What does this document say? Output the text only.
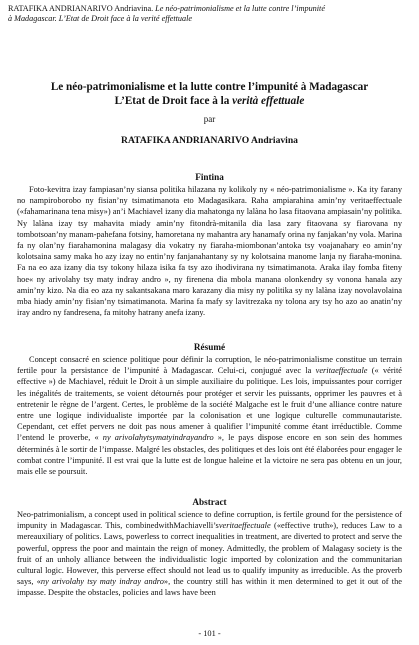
RATAFIKA ANDRIANARIVO Andriavina. Le néo-patrimonialisme et la lutte contre l’impunité
à Madagascar. L’Etat de Droit face à la verité effettuale
Le néo-patrimonialisme et la lutte contre l’impunité à Madagascar
L’Etat de Droit face à la verità effettuale
par
RATAFIKA ANDRIANARIVO Andriavina
Fintina
Foto-kevitra izay fampiasan’ny siansa politika hilazana ny kolikoly ny « néo-patrimonialisme ». Ka ity farany no nampiroborobo ny fisian’ny tsimatimanota eto Madagasikara. Raha ampiarahina amin’ny veritaeffectuale («fahamarinana tena misy») an’i Machiavel izany dia mahatonga ny lalàna ho lasa fitaovana ampiasain’ny politika. Ny lalàna izay tsy mahavita miady amin’ny fitondrà-mitanila dia lasa zary fitaovana sy fiarovana ny tombotsoan’ny manam-pahefana fotsiny, hamoretana ny mahantra ary hanamafy orina ny fanjakan’ny vola. Marina fa ny olan’ny fiarahamonina malagasy dia vokatry ny fiaraha-miombonan’antoka tsy voajanahary eo amin’ny kolotsaina samy maka ho azy izay no entin’ny fanjanahantany sy ny kolotsaina manome lanja ny fiaraha-monina. Fa na eo aza izany dia tsy tokony hilaza isika fa tsy azo ihodivirana ny tsimatimanota. Araka ilay fomba fiteny hoe« ny arivolahy tsy maty indray andro », ny firenena dia mbola manana olonkendry sy vonona hanala azy amin’ny kizo. Na dia eo aza ny sakantsakana maro karazany dia misy ny politika sy ny lalàna izay novolavolaina mba hiady amin’ny fisian’ny tsimatimanota. Marina fa mafy sy lavitrezaka ny tolona ary tsy ho azo ao anatin’ny iray andro ny fandresena, fa mitohy hatrany anefa izany.
Résumé
Concept consacré en science politique pour définir la corruption, le néo-patrimonialisme constitue un terrain fertile pour la persistance de l’impunité à Madagascar. Celui-ci, conjugué avec la veritaeffectuale (« vérité effective ») de Machiavel, réduit le Droit à un simple auxiliaire du politique. Les lois, impuissantes pour corriger les inégalités de traitements, se voient détournés pour protéger et servir les puissants, opprimer les pauvres et à entretenir le règne de l’argent. Certes, le problème de la société Malgache est le fruit d’une alliance contre nature entre une logique individualiste importée par la colonisation et une logique culturelle communautariste. Cependant, cet effet pervers ne doit pas nous amener à qualifier l’impunité comme étant irréductible. Comme l’entend le proverbe, « ny arivolahytsymatyindrayandro », le pays dispose encore en son sein des hommes déterminés à le sortir de l’impasse. Malgré les obstacles, des politiques et des lois ont été élaborées pour engager le combat contre l’impunité. Il est vrai que la lutte est de longue haleine et la victoire ne sera pas obtenu en un jour, mais elle se poursuit.
Abstract
Neo-patrimonialism, a concept used in political science to define corruption, is fertile ground for the persistence of impunity in Madagascar. This, combinedwithMachiavelli’sveritaeffectuale («effective truth»), reduces Law to a mereauxiliary of politics. Laws, powerless to correct inequalities in treatment, are diverted to protect and serve the powerful, oppress the poor and maintain the reign of money. Admittedly, the problem of Malagasy society is the fruit of an unholy alliance between the individualistic logic imported by colonization and the communitarian cultural logic. However, this perverse effect should not lead us to qualify impunity as irreducible. As the proverb says, «ny arivolahy tsy maty indray andro», the country still has within it men determined to get it out of the impasse. Despite the obstacles, policies and laws have been
- 101 -
